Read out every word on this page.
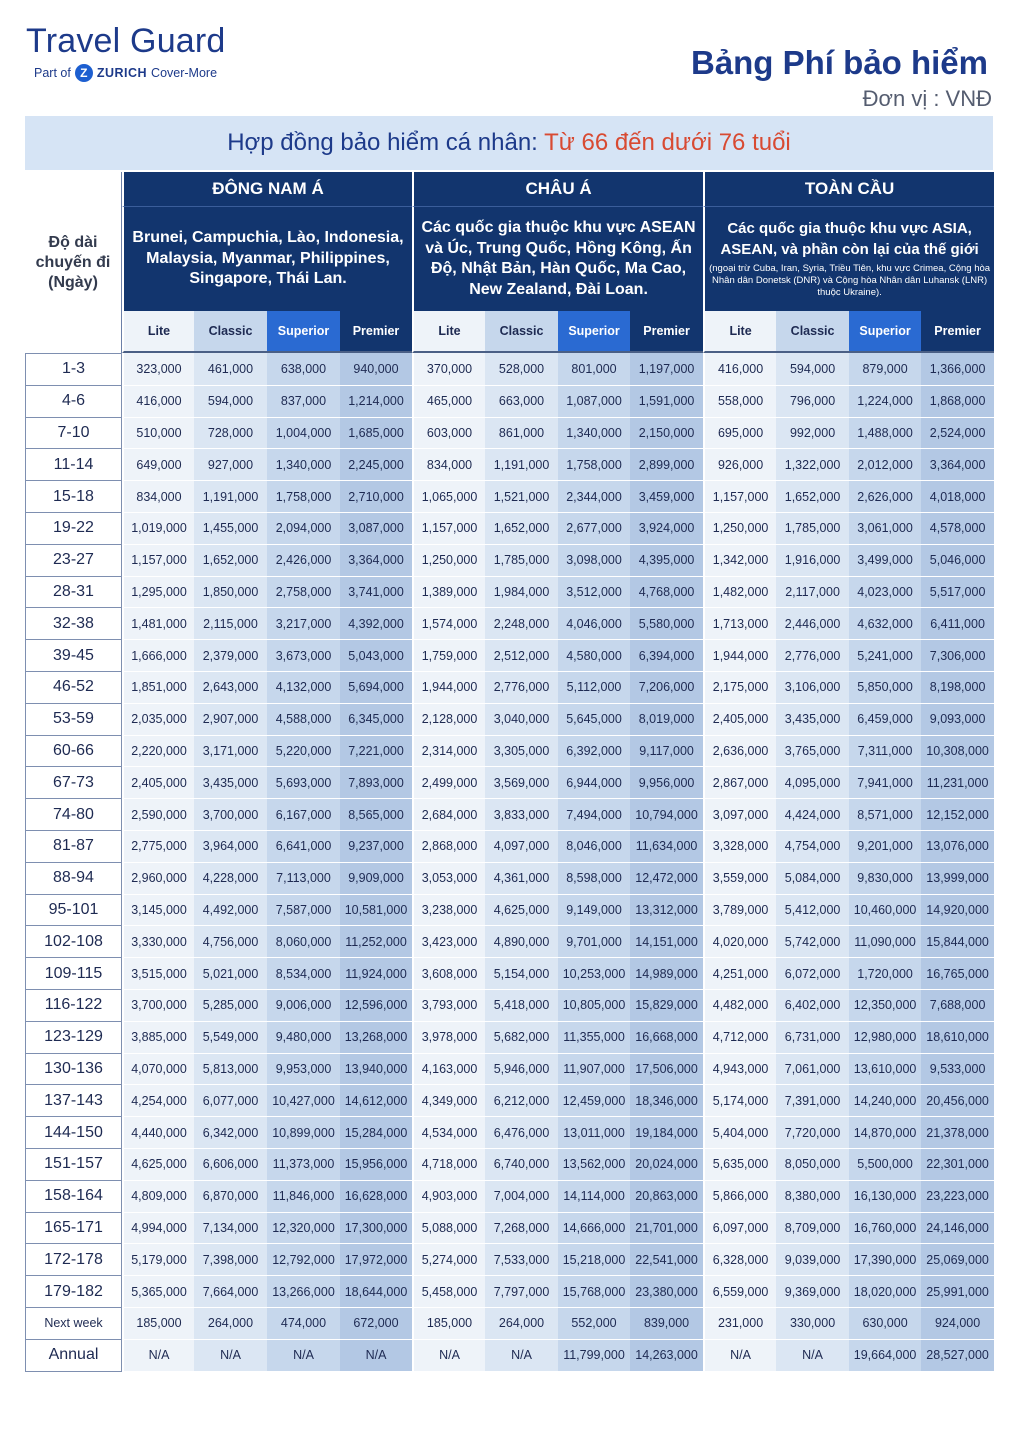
Travel Guard
Part of Z ZURICH Cover-More	Bảng Phí bảo hiểm
Đơn vị : VNĐ
Hợp đồng bảo hiểm cá nhân: Từ 66 đến dưới 76 tuổi
Độ dài chuyến đi (Ngày)	ĐÔNG NAM Á				CHÂU Á				TOÀN CẦU			
	Brunei, Campuchia, Lào, Indonesia, Malaysia, Myanmar, Philippines, Singapore, Thái Lan.				Các quốc gia thuộc khu vực ASEAN và Úc, Trung Quốc, Hồng Kông, Ấn Độ, Nhật Bản, Hàn Quốc, Ma Cao, New Zealand, Đài Loan.				Các quốc gia thuộc khu vực ASIA, ASEAN, và phần còn lại của thế giới
(ngoại trừ Cuba, Iran, Syria, Triều Tiên, khu vực Crimea, Cộng hòa Nhân dân Donetsk (DNR) và Cộng hòa Nhân dân Luhansk (LNR) thuộc Ukraine).			

	Lite	Classic	Superior	Premier	Lite	Classic	Superior	Premier	Lite	Classic	Superior	Premier
1-3	323,000	461,000	638,000	940,000	370,000	528,000	801,000	1,197,000	416,000	594,000	879,000	1,366,000
4-6	416,000	594,000	837,000	1,214,000	465,000	663,000	1,087,000	1,591,000	558,000	796,000	1,224,000	1,868,000
7-10	510,000	728,000	1,004,000	1,685,000	603,000	861,000	1,340,000	2,150,000	695,000	992,000	1,488,000	2,524,000
11-14	649,000	927,000	1,340,000	2,245,000	834,000	1,191,000	1,758,000	2,899,000	926,000	1,322,000	2,012,000	3,364,000
15-18	834,000	1,191,000	1,758,000	2,710,000	1,065,000	1,521,000	2,344,000	3,459,000	1,157,000	1,652,000	2,626,000	4,018,000
19-22	1,019,000	1,455,000	2,094,000	3,087,000	1,157,000	1,652,000	2,677,000	3,924,000	1,250,000	1,785,000	3,061,000	4,578,000
23-27	1,157,000	1,652,000	2,426,000	3,364,000	1,250,000	1,785,000	3,098,000	4,395,000	1,342,000	1,916,000	3,499,000	5,046,000
28-31	1,295,000	1,850,000	2,758,000	3,741,000	1,389,000	1,984,000	3,512,000	4,768,000	1,482,000	2,117,000	4,023,000	5,517,000
32-38	1,481,000	2,115,000	3,217,000	4,392,000	1,574,000	2,248,000	4,046,000	5,580,000	1,713,000	2,446,000	4,632,000	6,411,000
39-45	1,666,000	2,379,000	3,673,000	5,043,000	1,759,000	2,512,000	4,580,000	6,394,000	1,944,000	2,776,000	5,241,000	7,306,000
46-52	1,851,000	2,643,000	4,132,000	5,694,000	1,944,000	2,776,000	5,112,000	7,206,000	2,175,000	3,106,000	5,850,000	8,198,000
53-59	2,035,000	2,907,000	4,588,000	6,345,000	2,128,000	3,040,000	5,645,000	8,019,000	2,405,000	3,435,000	6,459,000	9,093,000
60-66	2,220,000	3,171,000	5,220,000	7,221,000	2,314,000	3,305,000	6,392,000	9,117,000	2,636,000	3,765,000	7,311,000	10,308,000
67-73	2,405,000	3,435,000	5,693,000	7,893,000	2,499,000	3,569,000	6,944,000	9,956,000	2,867,000	4,095,000	7,941,000	11,231,000
74-80	2,590,000	3,700,000	6,167,000	8,565,000	2,684,000	3,833,000	7,494,000	10,794,000	3,097,000	4,424,000	8,571,000	12,152,000
81-87	2,775,000	3,964,000	6,641,000	9,237,000	2,868,000	4,097,000	8,046,000	11,634,000	3,328,000	4,754,000	9,201,000	13,076,000
88-94	2,960,000	4,228,000	7,113,000	9,909,000	3,053,000	4,361,000	8,598,000	12,472,000	3,559,000	5,084,000	9,830,000	13,999,000
95-101	3,145,000	4,492,000	7,587,000	10,581,000	3,238,000	4,625,000	9,149,000	13,312,000	3,789,000	5,412,000	10,460,000	14,920,000
102-108	3,330,000	4,756,000	8,060,000	11,252,000	3,423,000	4,890,000	9,701,000	14,151,000	4,020,000	5,742,000	11,090,000	15,844,000
109-115	3,515,000	5,021,000	8,534,000	11,924,000	3,608,000	5,154,000	10,253,000	14,989,000	4,251,000	6,072,000	1,720,000	16,765,000
116-122	3,700,000	5,285,000	9,006,000	12,596,000	3,793,000	5,418,000	10,805,000	15,829,000	4,482,000	6,402,000	12,350,000	7,688,000
123-129	3,885,000	5,549,000	9,480,000	13,268,000	3,978,000	5,682,000	11,355,000	16,668,000	4,712,000	6,731,000	12,980,000	18,610,000
130-136	4,070,000	5,813,000	9,953,000	13,940,000	4,163,000	5,946,000	11,907,000	17,506,000	4,943,000	7,061,000	13,610,000	9,533,000
137-143	4,254,000	6,077,000	10,427,000	14,612,000	4,349,000	6,212,000	12,459,000	18,346,000	5,174,000	7,391,000	14,240,000	20,456,000
144-150	4,440,000	6,342,000	10,899,000	15,284,000	4,534,000	6,476,000	13,011,000	19,184,000	5,404,000	7,720,000	14,870,000	21,378,000
151-157	4,625,000	6,606,000	11,373,000	15,956,000	4,718,000	6,740,000	13,562,000	20,024,000	5,635,000	8,050,000	5,500,000	22,301,000
158-164	4,809,000	6,870,000	11,846,000	16,628,000	4,903,000	7,004,000	14,114,000	20,863,000	5,866,000	8,380,000	16,130,000	23,223,000
165-171	4,994,000	7,134,000	12,320,000	17,300,000	5,088,000	7,268,000	14,666,000	21,701,000	6,097,000	8,709,000	16,760,000	24,146,000
172-178	5,179,000	7,398,000	12,792,000	17,972,000	5,274,000	7,533,000	15,218,000	22,541,000	6,328,000	9,039,000	17,390,000	25,069,000
179-182	5,365,000	7,664,000	13,266,000	18,644,000	5,458,000	7,797,000	15,768,000	23,380,000	6,559,000	9,369,000	18,020,000	25,991,000
Next week	185,000	264,000	474,000	672,000	185,000	264,000	552,000	839,000	231,000	330,000	630,000	924,000
Annual	N/A	N/A	N/A	N/A	N/A	N/A	11,799,000	14,263,000	N/A	N/A	19,664,000	28,527,000
